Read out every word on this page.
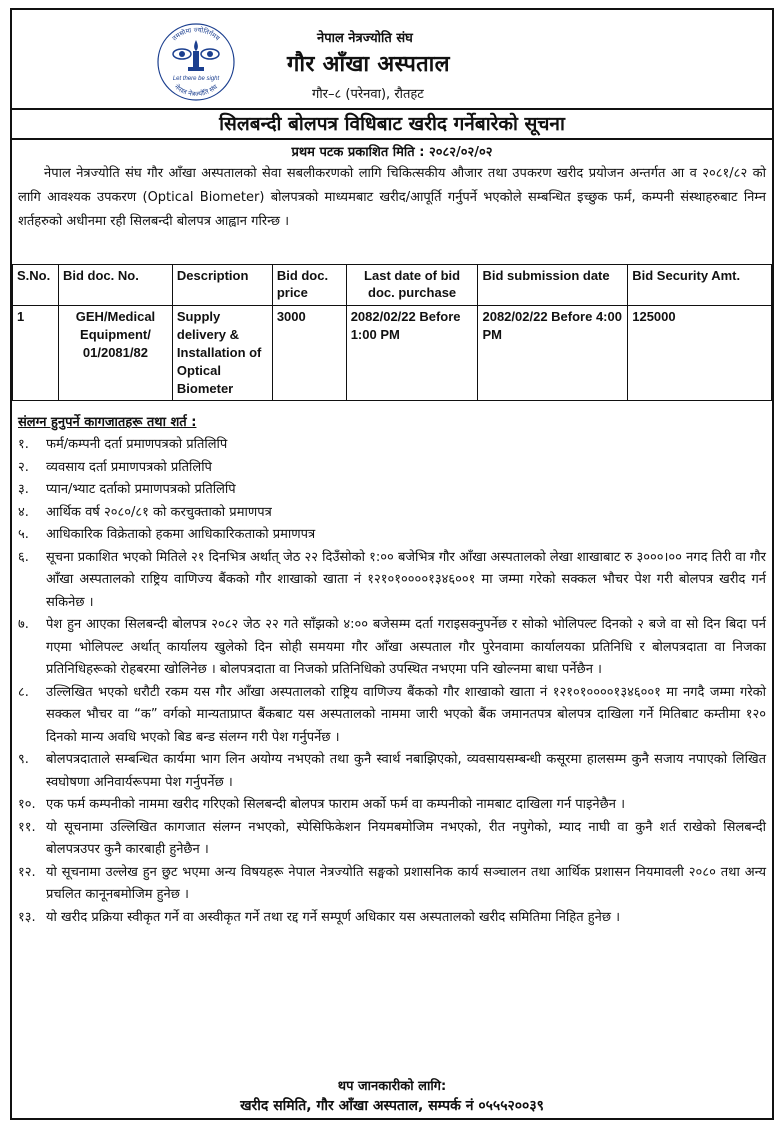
तमसोमा ज्योतिर्गमय
नेपाल नेत्रज्योति संघ
Let there be sight
नेपाल नेत्रज्योति संघ
गौर आँखा अस्पताल
गौर–८ (परेनवा), रौतहट
सिलबन्दी बोलपत्र विधिबाट खरीद गर्नेबारेको सूचना
प्रथम पटक प्रकाशित मिति : २०८२/०२/०२
नेपाल नेत्रज्योति संघ गौर आँखा अस्पतालको सेवा सबलीकरणको लागि चिकित्सकीय औजार तथा उपकरण खरीद प्रयोजन अन्तर्गत आ व २०८१/८२ को लागि आवश्यक उपकरण (Optical Biometer) बोलपत्रको माध्यमबाट खरीद/आपूर्ति गर्नुपर्ने भएकोले सम्बन्धित इच्छुक फर्म, कम्पनी संस्थाहरुबाट निम्न शर्तहरुको अधीनमा रही सिलबन्दी बोलपत्र आह्वान गरिन्छ ।
S.No.	Bid doc. No.	Description	Bid doc. price	Last date of bid doc. purchase	Bid submission date	Bid Security Amt.
1	GEH/Medical Equipment/ 01/2081/82	Supply delivery & Installation of Optical Biometer	3000	2082/02/22 Before 1:00 PM	2082/02/22 Before 4:00 PM	125000
संलग्न हुनुपर्ने कागजातहरू तथा शर्त :
१.	फर्म/कम्पनी दर्ता प्रमाणपत्रको प्रतिलिपि
२.	व्यवसाय दर्ता प्रमाणपत्रको प्रतिलिपि
३.	प्यान/भ्याट दर्ताको प्रमाणपत्रको प्रतिलिपि
४.	आर्थिक वर्ष २०८०/८१ को करचुक्ताको प्रमाणपत्र
५.	आधिकारिक विक्रेताको हकमा आधिकारिकताको प्रमाणपत्र
६.	सूचना प्रकाशित भएको मितिले २१ दिनभित्र अर्थात् जेठ २२ दिउँसोको १:०० बजेभित्र गौर आँखा अस्पतालको लेखा शाखाबाट रु ३०००।०० नगद तिरी वा गौर आँखा अस्पतालको राष्ट्रिय वाणिज्य बैंकको गौर शाखाको खाता नं १२१०१००००१३४६००१ मा जम्मा गरेको सक्कल भौचर पेश गरी बोलपत्र खरीद गर्न सकिनेछ ।
७.	पेश हुन आएका सिलबन्दी बोलपत्र २०८२ जेठ २२ गते साँझको ४:०० बजेसम्म दर्ता गराइसक्नुपर्नेछ र सोको भोलिपल्ट दिनको २ बजे वा सो दिन बिदा पर्न गएमा भोलिपल्ट अर्थात् कार्यालय खुलेको दिन सोही समयमा गौर आँखा अस्पताल गौर पुरेनवामा कार्यालयका प्रतिनिधि र बोलपत्रदाता वा निजका प्रतिनिधिहरूको रोहबरमा खोलिनेछ । बोलपत्रदाता वा निजको प्रतिनिधिको उपस्थित नभएमा पनि खोल्नमा बाधा पर्नेछैन ।
८.	उल्लिखित भएको धरौटी रकम यस गौर आँखा अस्पतालको राष्ट्रिय वाणिज्य बैंकको गौर शाखाको खाता नं १२१०१००००१३४६००१ मा नगदै जम्मा गरेको सक्कल भौचर वा “क” वर्गको मान्यताप्राप्त बैंकबाट यस अस्पतालको नाममा जारी भएको बैंक जमानतपत्र बोलपत्र दाखिला गर्ने मितिबाट कम्तीमा १२० दिनको मान्य अवधि भएको बिड बन्ड संलग्न गरी पेश गर्नुपर्नेछ ।
९.	बोलपत्रदाताले सम्बन्धित कार्यमा भाग लिन अयोग्य नभएको तथा कुनै स्वार्थ नबाझिएको, व्यवसायसम्बन्धी कसूरमा हालसम्म कुनै सजाय नपाएको लिखित स्वघोषणा अनिवार्यरूपमा पेश गर्नुपर्नेछ ।
१०. एक फर्म कम्पनीको नाममा खरीद गरिएको सिलबन्दी बोलपत्र फाराम अर्को फर्म वा कम्पनीको नामबाट दाखिला गर्न पाइनेछैन ।
११. यो सूचनामा उल्लिखित कागजात संलग्न नभएको, स्पेसिफिकेशन नियमबमोजिम नभएको, रीत नपुगेको, म्याद नाघी वा कुनै शर्त राखेको सिलबन्दी बोलपत्रउपर कुनै कारबाही हुनेछैन ।
१२. यो सूचनामा उल्लेख हुन छुट भएमा अन्य विषयहरू नेपाल नेत्रज्योति सङ्घको प्रशासनिक कार्य सञ्चालन तथा आर्थिक प्रशासन नियमावली २०८० तथा अन्य प्रचलित कानूनबमोजिम हुनेछ ।
१३. यो खरीद प्रक्रिया स्वीकृत गर्ने वा अस्वीकृत गर्ने तथा रद्द गर्ने सम्पूर्ण अधिकार यस अस्पतालको खरीद समितिमा निहित हुनेछ ।
थप जानकारीको लागि:
खरीद समिति, गौर आँखा अस्पताल, सम्पर्क नं ०५५५२००३९
